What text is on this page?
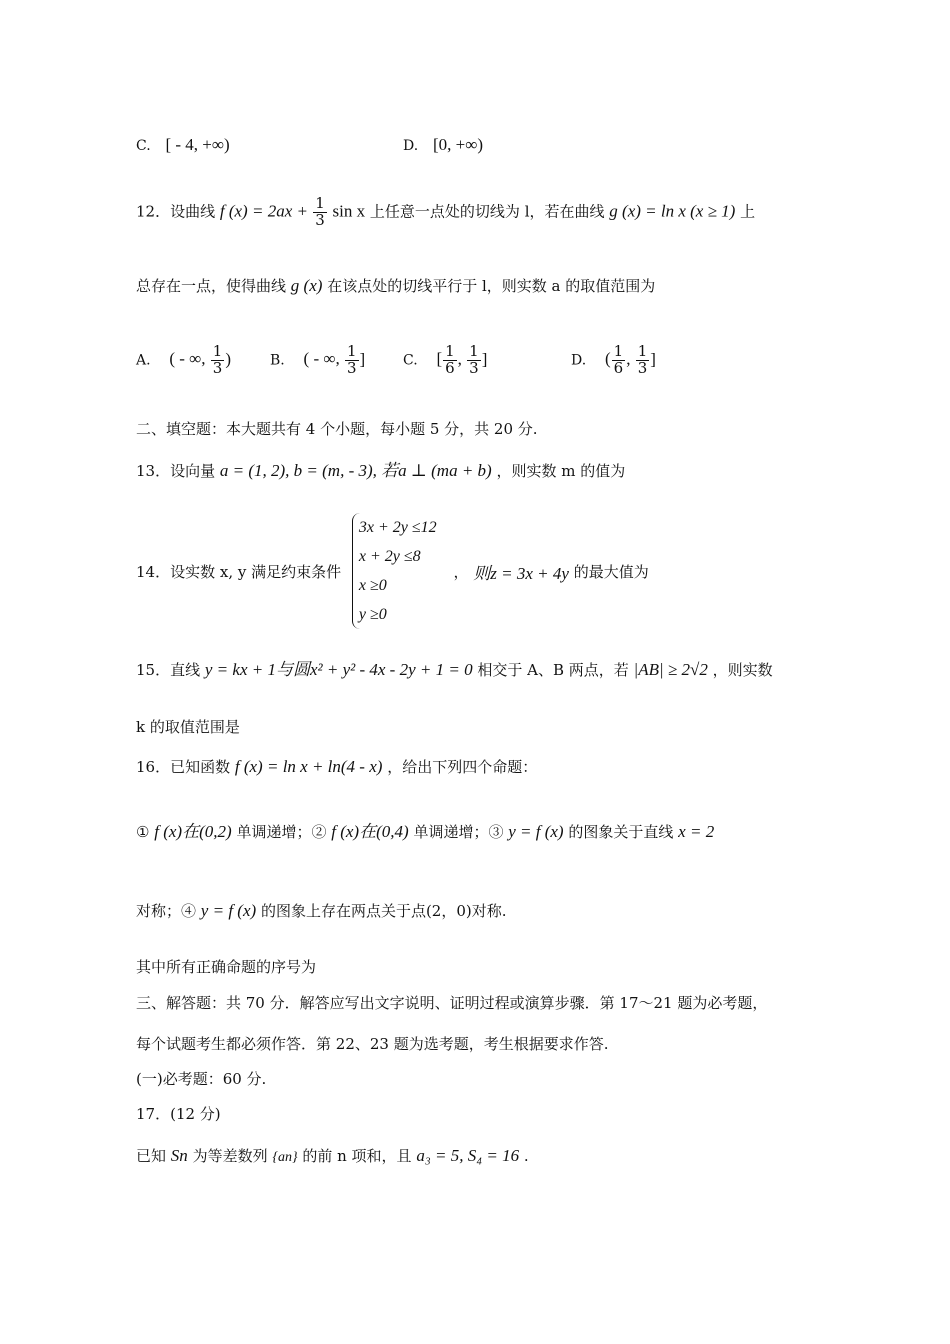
C. [ - 4, +∞)	D. [0, +∞)
12．设曲线 f $(x) = 2ax + \frac{1}{3}$ sin x 上任意一点处的切线为 l，若在曲线 g (x) = ln x (x ≥ 1) 上
总存在一点，使得曲线 g (x) 在该点处的切线平行于 l，则实数 a 的取值范围为
A. ( - ∞, $\frac{1}{3}$ )	B. ( - ∞, $\frac{1}{3}$ ]	C. [ $\frac{1}{6}$ , $\frac{1}{3}$ ]	D. ( $\frac{1}{6}$ , $\frac{1}{3}$ ]
二、填空题：本大题共有 4 个小题，每小题 5 分，共 20 分.
13．设向量 a = (1, 2), b = (m, - 3), 若a ⊥ (ma + b) ，则实数 m 的值为
14．设实数 x, y 满足约束条件
3x + 2y ≤12
x + 2y ≤8
x ≥0
y ≥0
， 则z = 3x + 4y 的最大值为
15．直线 y = kx + 1与圆x² + y² - 4x - 2y + 1 = 0 相交于 A、B 两点，若 |AB| ≥ 2√2 ，则实数
k 的取值范围是
16．已知函数 f (x) = ln x + ln(4 - x) ，给出下列四个命题：
① f (x)在(0,2) 单调递增；② f (x)在(0,4) 单调递增；③ y = f (x) 的图象关于直线 x = 2
对称；④ y = f (x) 的图象上存在两点关于点(2，0)对称.
其中所有正确命题的序号为
三、解答题：共 70 分．解答应写出文字说明、证明过程或演算步骤．第 17～21 题为必考题，
每个试题考生都必须作答．第 22、23 题为选考题，考生根据要求作答.
(一)必考题：60 分.
17．(12 分)
已知 Sn 为等差数列 {an} 的前 n 项和，且 a₃ = 5, S₄ = 16 .
